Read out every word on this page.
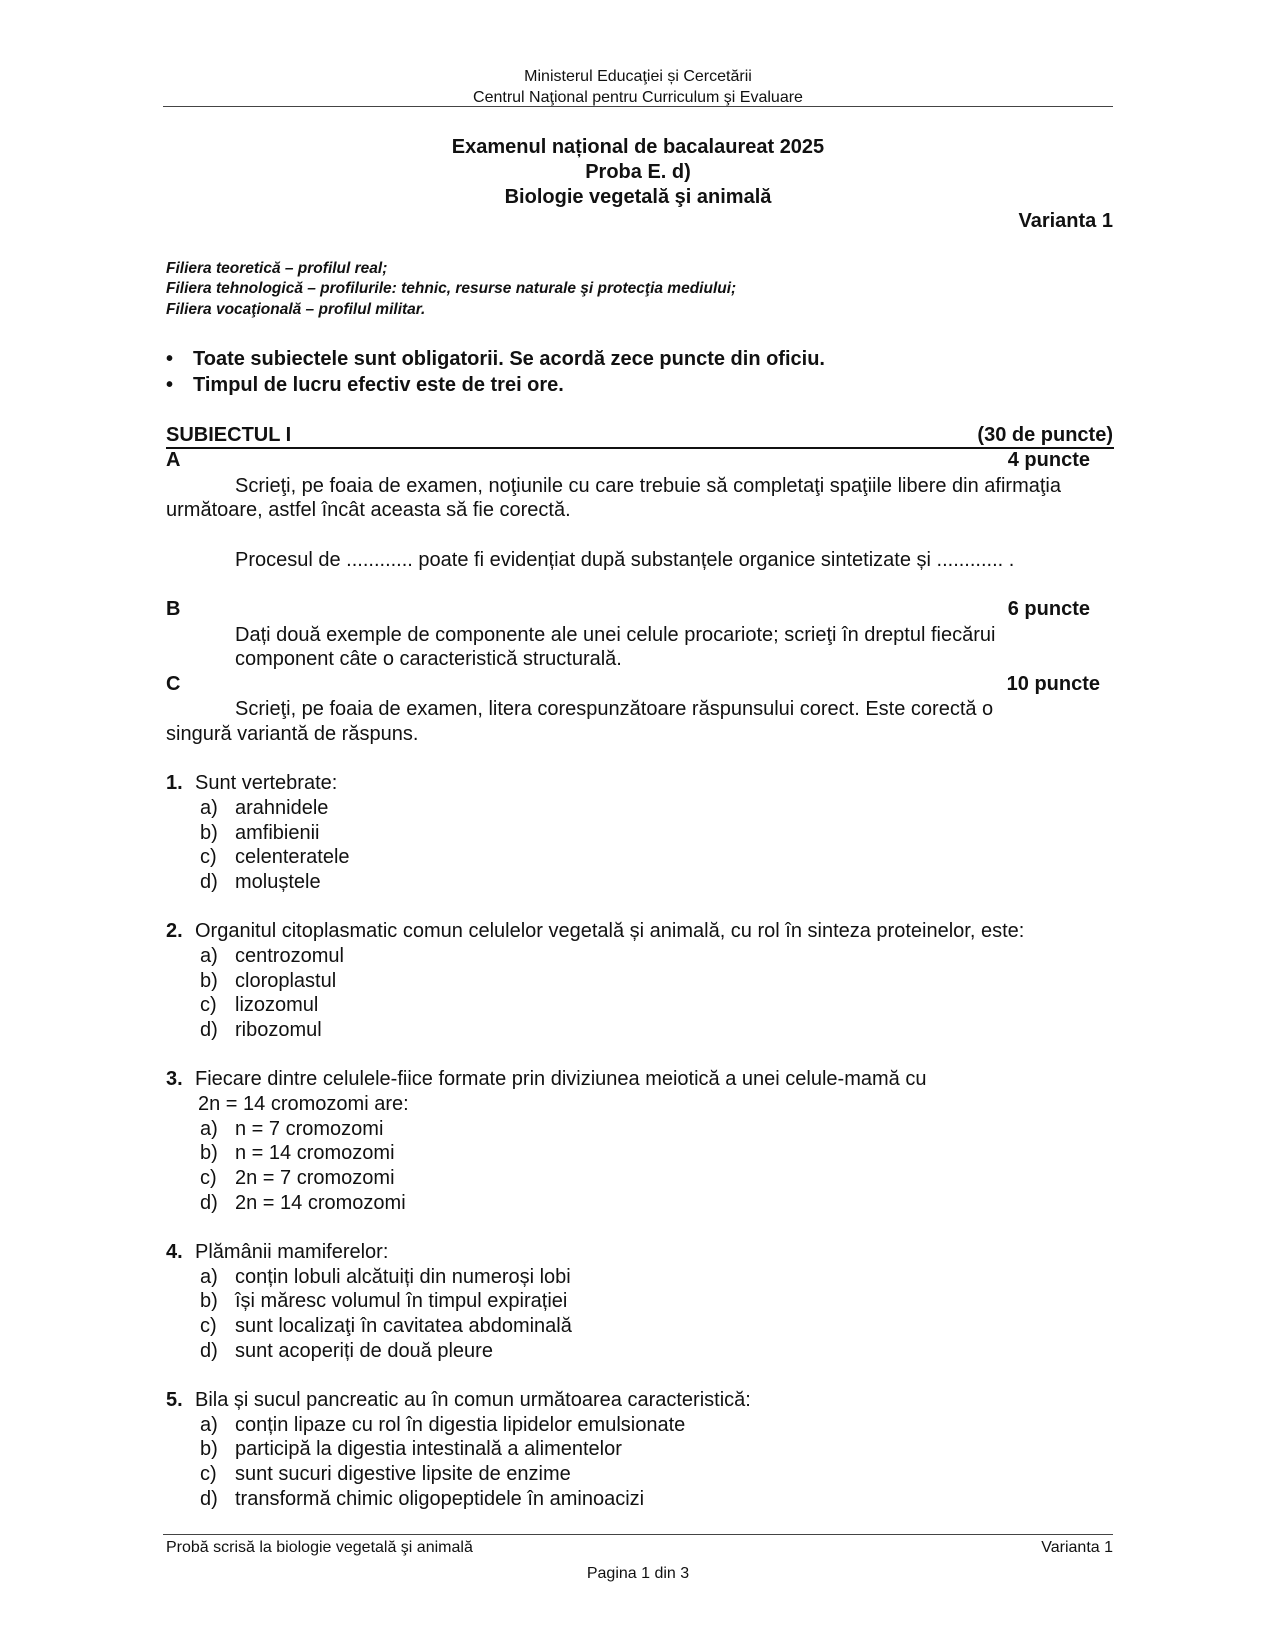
Ministerul Educaţiei și Cercetării
Centrul Naţional pentru Curriculum şi Evaluare
Examenul național de bacalaureat 2025
Proba E. d)
Biologie vegetală şi animală
Varianta 1
Filiera teoretică – profilul real;
Filiera tehnologică – profilurile: tehnic, resurse naturale şi protecţia mediului;
Filiera vocaţională – profilul militar.
• Toate subiectele sunt obligatorii. Se acordă zece puncte din oficiu.
• Timpul de lucru efectiv este de trei ore.
SUBIECTUL I	(30 de puncte)
A	4 puncte
Scrieţi, pe foaia de examen, noţiunile cu care trebuie să completaţi spaţiile libere din afirmaţia
următoare, astfel încât aceasta să fie corectă.
Procesul de ............ poate fi evidențiat după substanțele organice sintetizate și ............ .
B	6 puncte
Dați două exemple de componente ale unei celule procariote; scrieţi în dreptul fiecărui
component câte o caracteristică structurală.
C	10 puncte
Scrieţi, pe foaia de examen, litera corespunzătoare răspunsului corect. Este corectă o
singură variantă de răspuns.
1. Sunt vertebrate:
a) arahnidele
b) amfibienii
c) celenteratele
d) moluștele
2. Organitul citoplasmatic comun celulelor vegetală și animală, cu rol în sinteza proteinelor, este:
a) centrozomul
b) cloroplastul
c) lizozomul
d) ribozomul
3. Fiecare dintre celulele-fiice formate prin diviziunea meiotică a unei celule-mamă cu
2n = 14 cromozomi are:
a) n = 7 cromozomi
b) n = 14 cromozomi
c) 2n = 7 cromozomi
d) 2n = 14 cromozomi
4. Plămânii mamiferelor:
a) conțin lobuli alcătuiți din numeroși lobi
b) își măresc volumul în timpul expirației
c) sunt localizaţi în cavitatea abdominală
d) sunt acoperiți de două pleure
5. Bila și sucul pancreatic au în comun următoarea caracteristică:
a) conțin lipaze cu rol în digestia lipidelor emulsionate
b) participă la digestia intestinală a alimentelor
c) sunt sucuri digestive lipsite de enzime
d) transformă chimic oligopeptidele în aminoacizi
Probă scrisă la biologie vegetală şi animală	Varianta 1
Pagina 1 din 3
